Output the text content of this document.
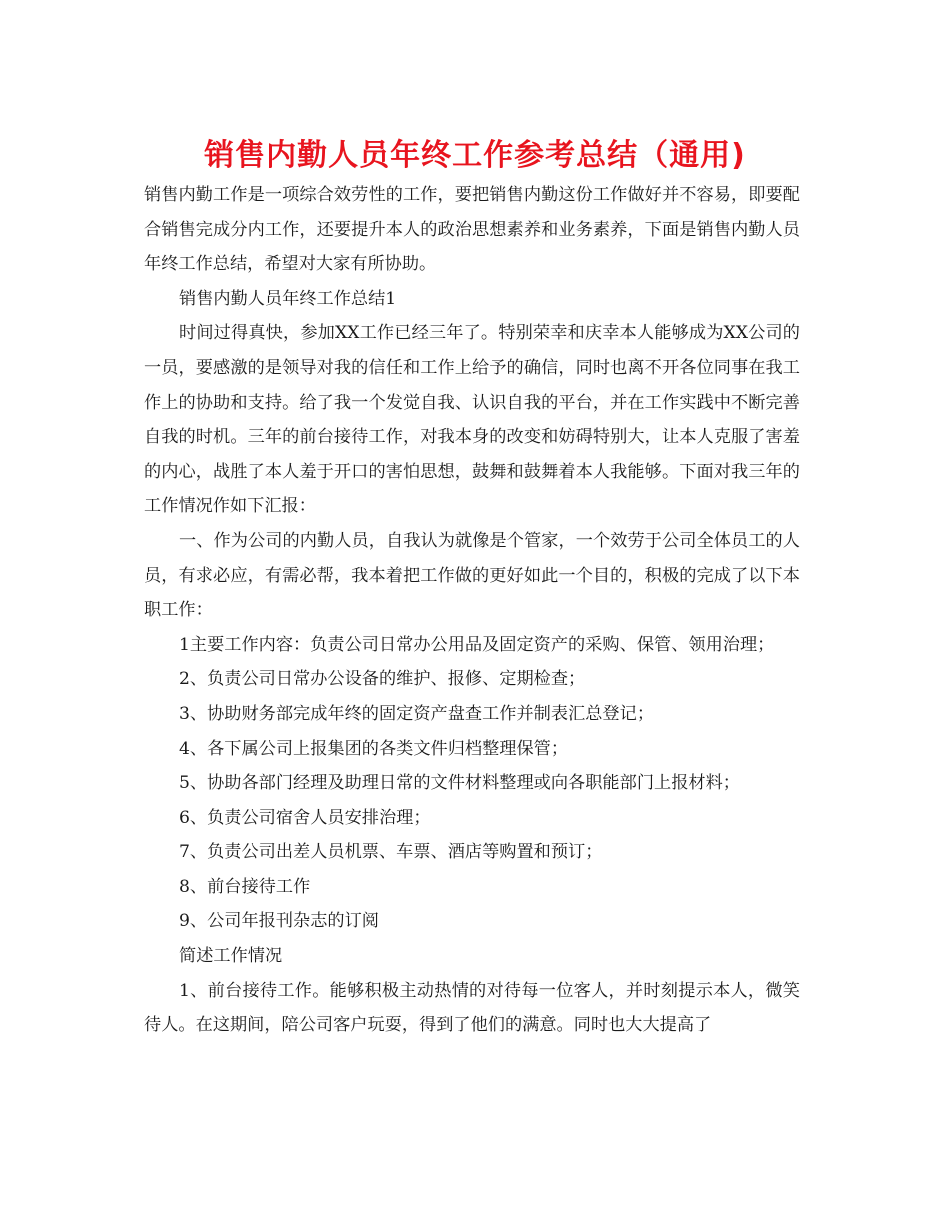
销售内勤人员年终工作参考总结（通用)

销售内勤工作是一项综合效劳性的工作，要把销售内勤这份工作做好并不容易，即要配合销售完成分内工作，还要提升本人的政治思想素养和业务素养，下面是销售内勤人员年终工作总结，希望对大家有所协助。

销售内勤人员年终工作总结1

时间过得真快，参加XX工作已经三年了。特别荣幸和庆幸本人能够成为XX公司的一员，要感激的是领导对我的信任和工作上给予的确信，同时也离不开各位同事在我工作上的协助和支持。给了我一个发觉自我、认识自我的平台，并在工作实践中不断完善自我的时机。三年的前台接待工作，对我本身的改变和妨碍特别大，让本人克服了害羞的内心，战胜了本人羞于开口的害怕思想，鼓舞和鼓舞着本人我能够。下面对我三年的工作情况作如下汇报：

一、作为公司的内勤人员，自我认为就像是个管家，一个效劳于公司全体员工的人员，有求必应，有需必帮，我本着把工作做的更好如此一个目的，积极的完成了以下本职工作：

1主要工作内容：负责公司日常办公用品及固定资产的采购、保管、领用治理；

2、负责公司日常办公设备的维护、报修、定期检查；

3、协助财务部完成年终的固定资产盘查工作并制表汇总登记；

4、各下属公司上报集团的各类文件归档整理保管；

5、协助各部门经理及助理日常的文件材料整理或向各职能部门上报材料；

6、负责公司宿舍人员安排治理；

7、负责公司出差人员机票、车票、酒店等购置和预订；

8、前台接待工作

9、公司年报刊杂志的订阅

简述工作情况

1、前台接待工作。能够积极主动热情的对待每一位客人，并时刻提示本人，微笑待人。在这期间，陪公司客户玩耍，得到了他们的满意。同时也大大提高了
